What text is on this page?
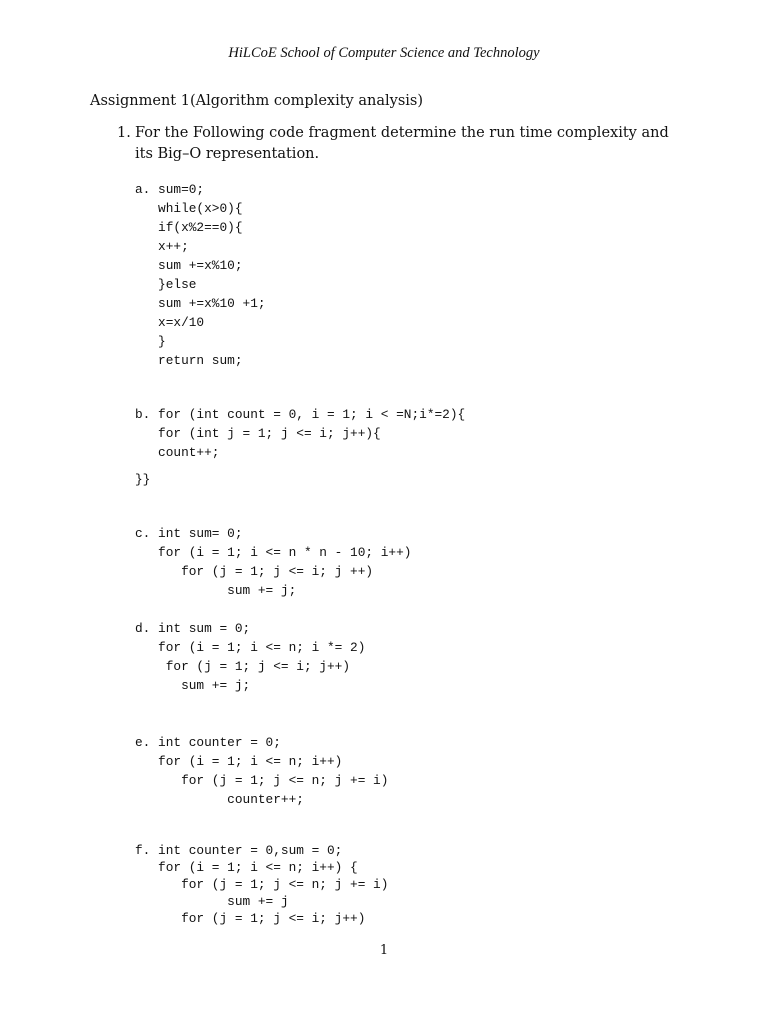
HiLCoE School of Computer Science and Technology
Assignment 1(Algorithm complexity analysis)
1. For the Following code fragment determine the run time complexity and its Big–O representation.
a. sum=0;
while(x>0){
if(x%2==0){
x++;
sum +=x%10;
}else
sum +=x%10 +1;
x=x/10
}
return sum;
b. for (int count = 0, i = 1; i < =N;i*=2){
for (int j = 1; j <= i; j++){
count++;
}}
c. int sum= 0;
for (i = 1; i <= n * n - 10; i++)
for (j = 1; j <= i; j ++)
sum += j;
d. int sum = 0;
for (i = 1; i <= n; i *= 2)
for (j = 1; j <= i; j++)
sum += j;
e. int counter = 0;
for (i = 1; i <= n; i++)
for (j = 1; j <= n; j += i)
counter++;
f. int counter = 0,sum = 0;
for (i = 1; i <= n; i++) {
for (j = 1; j <= n; j += i)
sum += j
for (j = 1; j <= i; j++)
1
